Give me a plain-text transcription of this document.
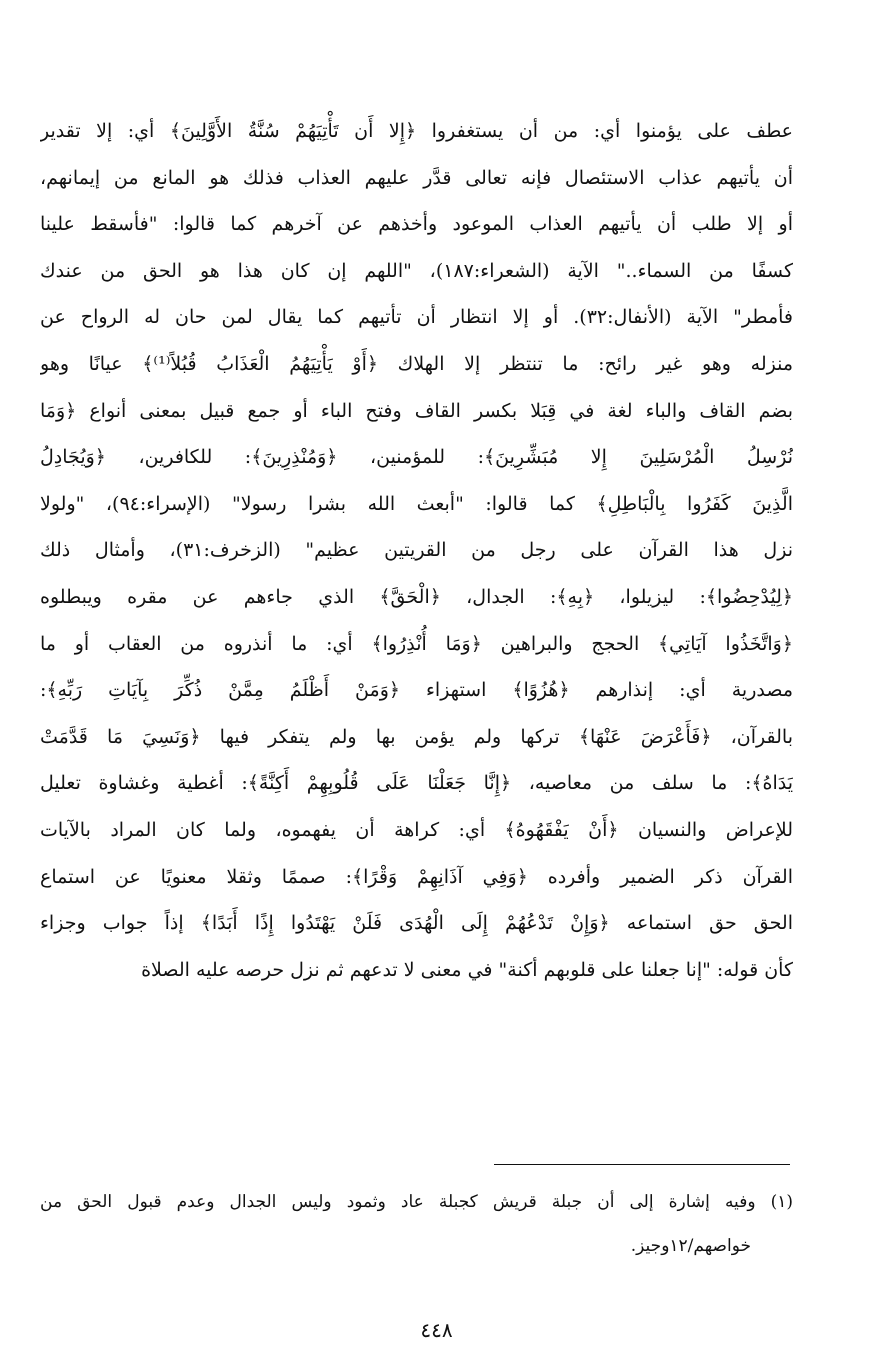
عطف على يؤمنوا أي: من أن يستغفروا ﴿إِلا أَن تَأْتِيَهُمْ سُنَّةُ الأَوَّلِينَ﴾ أي: إلا تقدير
أن يأتيهم عذاب الاستئصال فإنه تعالى قدَّر عليهم العذاب فذلك هو المانع من إيمانهم،
أو إلا طلب أن يأتيهم العذاب الموعود وأخذهم عن آخرهم كما قالوا: "فأسقط علينا
كسفًا من السماء.." الآية (الشعراء:١٨٧)، "اللهم إن كان هذا هو الحق من عندك
فأمطر" الآية (الأنفال:٣٢). أو إلا انتظار أن تأتيهم كما يقال لمن حان له الرواح عن
منزله وهو غير رائح: ما تنتظر إلا الهلاك ﴿أَوْ يَأْتِيَهُمُ الْعَذَابُ قُبُلاً⁽¹⁾﴾ عيانًا وهو
بضم القاف والباء لغة في قِبَلا بكسر القاف وفتح الباء أو جمع قبيل بمعنى أنواع ﴿وَمَا
نُرْسِلُ الْمُرْسَلِينَ إِلا مُبَشِّرِينَ﴾: للمؤمنين، ﴿وَمُنْذِرِينَ﴾: للكافرين، ﴿وَيُجَادِلُ
الَّذِينَ كَفَرُوا بِالْبَاطِلِ﴾ كما قالوا: "أبعث الله بشرا رسولا" (الإسراء:٩٤)، "ولولا
نزل هذا القرآن على رجل من القريتين عظيم" (الزخرف:٣١)، وأمثال ذلك
﴿لِيُدْحِضُوا﴾: ليزيلوا، ﴿بِهِ﴾: الجدال، ﴿الْحَقَّ﴾ الذي جاءهم عن مقره ويبطلوه
﴿وَاتَّخَذُوا آيَاتِي﴾ الحجج والبراهين ﴿وَمَا أُنْذِرُوا﴾ أي: ما أنذروه من العقاب أو ما
مصدرية أي: إنذارهم ﴿هُزُوًا﴾ استهزاء ﴿وَمَنْ أَظْلَمُ مِمَّنْ ذُكِّرَ بِآيَاتِ رَبِّهِ﴾:
بالقرآن، ﴿فَأَعْرَضَ عَنْهَا﴾ تركها ولم يؤمن بها ولم يتفكر فيها ﴿وَنَسِيَ مَا قَدَّمَتْ
يَدَاهُ﴾: ما سلف من معاصيه، ﴿إِنَّا جَعَلْنَا عَلَى قُلُوبِهِمْ أَكِنَّةً﴾: أغطية وغشاوة تعليل
للإعراض والنسيان ﴿أَنْ يَفْقَهُوهُ﴾ أي: كراهة أن يفهموه، ولما كان المراد بالآيات
القرآن ذكر الضمير وأفرده ﴿وَفِي آذَانِهِمْ وَقْرًا﴾: صممًا وثقلا معنويًا عن استماع
الحق حق استماعه ﴿وَإِنْ تَدْعُهُمْ إِلَى الْهُدَى فَلَنْ يَهْتَدُوا إِذًا أَبَدًا﴾ إذاً جواب وجزاء
كأن قوله: "إنا جعلنا على قلوبهم أكنة" في معنى لا تدعهم ثم نزل حرصه عليه الصلاة
(١) وفيه إشارة إلى أن جبلة قريش كجبلة عاد وثمود وليس الجدال وعدم قبول الحق من
خواصهم/١٢وجيز.
٤٤٨
